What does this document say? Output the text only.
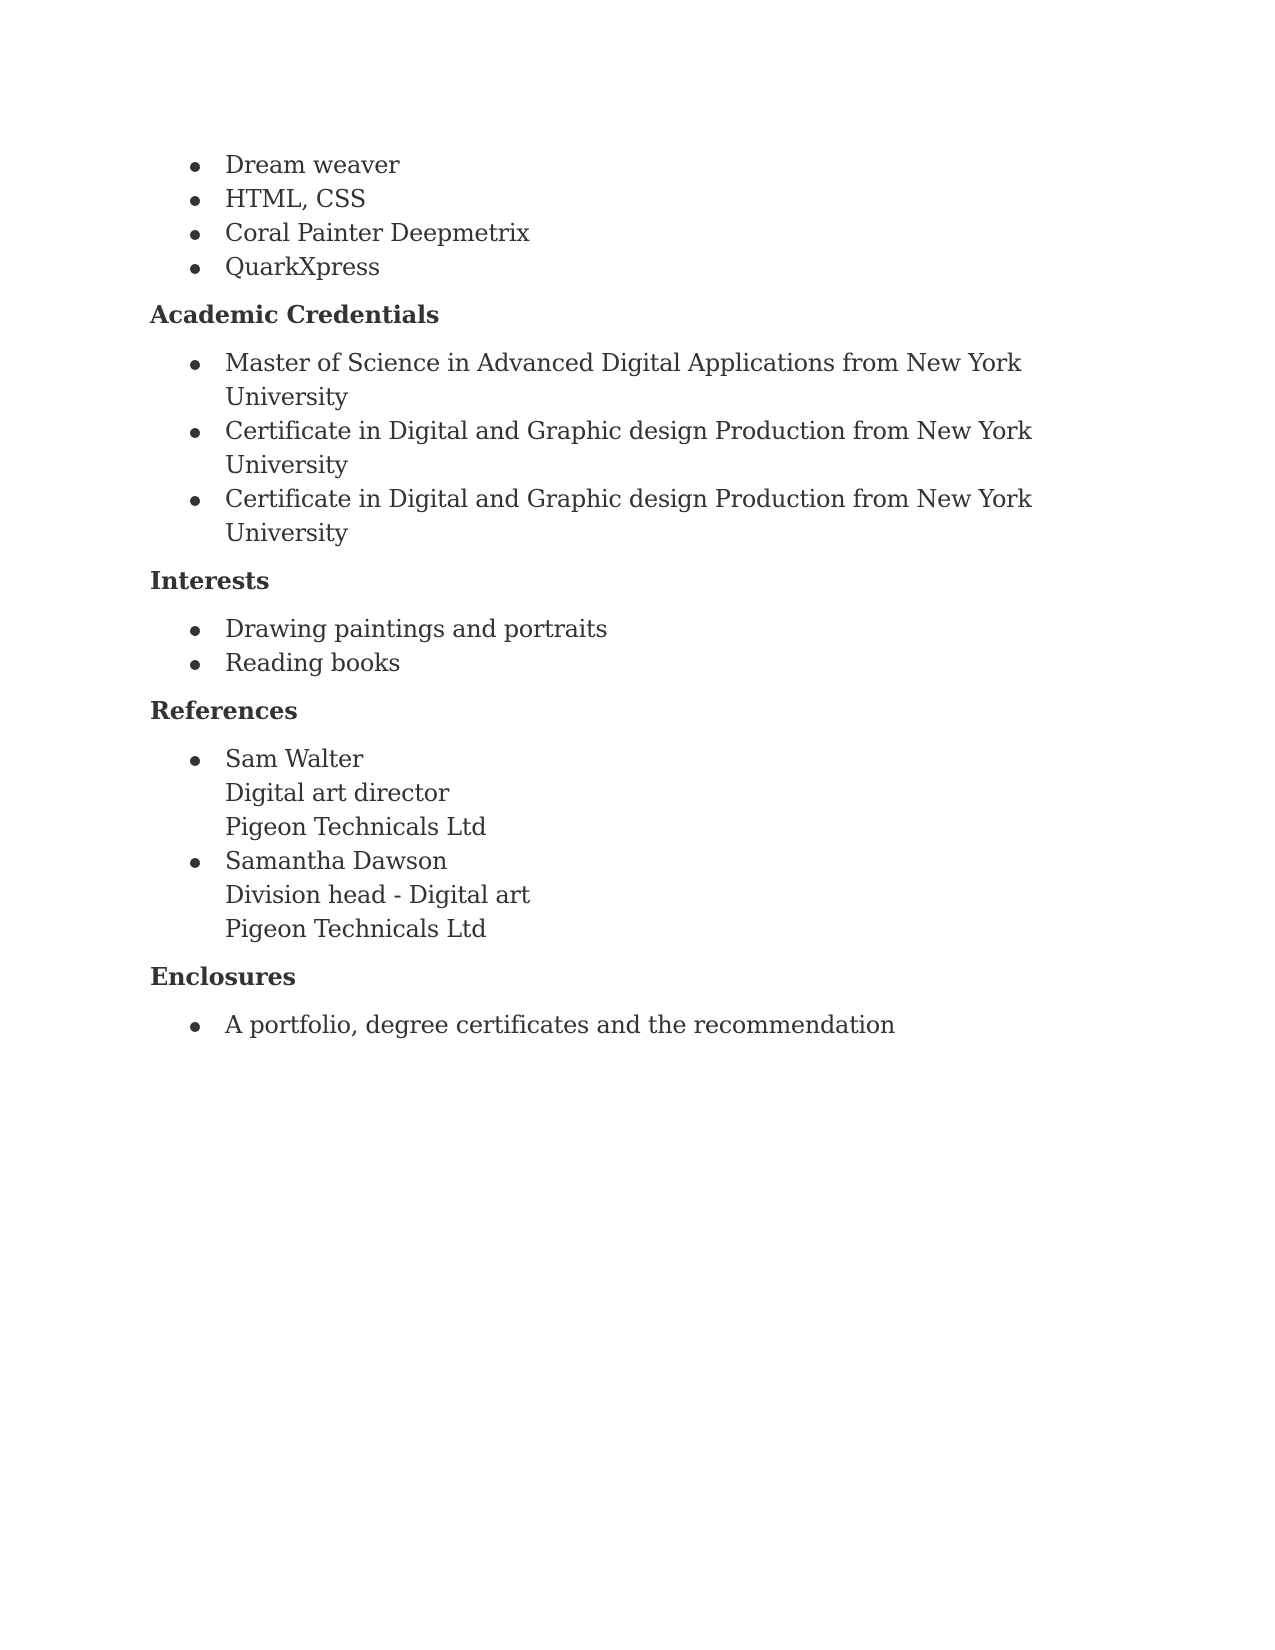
Dream weaver
HTML, CSS
Coral Painter Deepmetrix
QuarkXpress
Academic Credentials
Master of Science in Advanced Digital Applications from New York University
Certificate in Digital and Graphic design Production from New York University
Certificate in Digital and Graphic design Production from New York University
Interests
Drawing paintings and portraits
Reading books
References
Sam Walter
Digital art director
Pigeon Technicals Ltd
Samantha Dawson
Division head - Digital art
Pigeon Technicals Ltd
Enclosures
A portfolio, degree certificates and the recommendation
